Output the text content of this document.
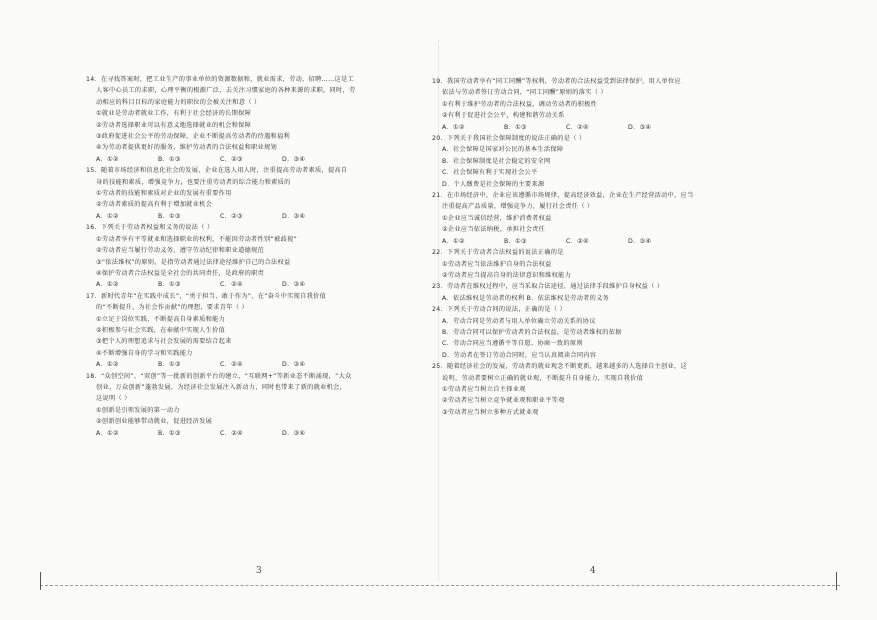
14．在寻找答案时，把工业生产的事业单位的资源数据和，就业需求，劳动，招聘……这是工
人客中心员工的求职，心理平衡的根源广泛，去关注习惯家庭的各种来源的求职，同时，劳
动相应的科目目标的家庭能力的职位的会被关注和意（ ）
①就业是劳动者就业工作，有利于社会经济的长期保障
②劳动者选择职业可以有意义地选择就业的机会和保障
③政府促进社会公平的劳动保障，企业不断提高劳动者的待遇和福利
④为劳动者提供更好的服务，维护劳动者的合法权益和职业规划
A．①②	B．①③	C．②③	D．③④
15．随着市场经济和信息化社会的发展，企业在选人用人时，注重提高劳动者素质，提高自
身的技能和素质，增强竞争力，也要注重劳动者的综合能力和素质的
①劳动者的技能和素质对企业的发展有重要作用
②劳动者素质的提高有利于增加就业机会
A．①②	B．①③	C．②③	D．③④
16．下列关于劳动者权益和义务的说法（ ）
①劳动者享有平等就业和选择职业的权利，不能因劳动者性别“被歧视”
②劳动者应当履行劳动义务，遵守劳动纪律和职业道德规范
③“依法维权”的原则，是指劳动者通过法律途径维护自己的合法权益
④保护劳动者合法权益是全社会的共同责任，是政府的职责
A．①②	B．①③	C．②④	D．③④
17．新时代青年“在实践中成长”，“勇于担当，敢于作为”，在“奋斗中实现自我价值
的“不断提升，为社会作贡献”的理想，要求青年（ ）
①立足于岗位实践，不断提高自身素质和能力
②积极参与社会实践，在奉献中实现人生价值
③把个人的理想追求与社会发展的需要结合起来
④不断增强自身的学习和实践能力
A．①②	B．①③	C．②④	D．③④
18．“众创空间”、“双创”等一批新的创新平台的建立，“互联网+”等新业态不断涌现，“大众
创业、万众创新”蓬勃发展，为经济社会发展注入新动力，同时也带来了新的就业机会，
这说明（ ）
①创新是引领发展的第一动力
②创新创业能够带动就业，促进经济发展
A．①②	B．①③	C．②④	D．③④
19．我国劳动者享有“同工同酬”等权利，劳动者的合法权益受到法律保护，用人单位应
依法与劳动者签订劳动合同，“同工同酬”原则的落实（ ）
①有利于维护劳动者的合法权益，调动劳动者的积极性
②有利于促进社会公平，构建和谐劳动关系
A．①②	B．①③	C．②④	D．③④
20．下列关于我国社会保障制度的说法正确的是（ ）
A．社会保障是国家对公民的基本生活保障
B．社会保障制度是社会稳定的安全网
C．社会保障有利于实现社会公平
D．个人缴费是社会保障的主要来源
21．在市场经济中，企业应该遵循市场规律，提高经济效益，企业在生产经营活动中，应当
注重提高产品质量，增强竞争力，履行社会责任（ ）
①企业应当诚信经营，维护消费者权益
②企业应当依法纳税，承担社会责任
A．①②	B．①③	C．②④	D．③④
22．下列关于劳动者合法权益的说法正确的是
①劳动者应当依法维护自身的合法权益
②劳动者应当提高自身的法律意识和维权能力
23．劳动者在维权过程中，应当采取合法途径，通过法律手段维护自身权益（ ）
A．依法维权是劳动者的权利 B．依法维权是劳动者的义务
24．下列关于劳动合同的说法，正确的是（ ）
A．劳动合同是劳动者与用人单位确立劳动关系的协议
B．劳动合同可以保护劳动者的合法权益，是劳动者维权的依据
C．劳动合同应当遵循平等自愿、协商一致的原则
D．劳动者在签订劳动合同时，应当认真阅读合同内容
25．随着经济社会的发展，劳动者的就业观念不断更新，越来越多的人选择自主创业，这
说明，劳动者要树立正确的就业观，不断提升自身能力，实现自我价值
①劳动者应当树立自主择业观
②劳动者应当树立竞争就业观和职业平等观
③劳动者应当树立多种方式就业观
3	4
